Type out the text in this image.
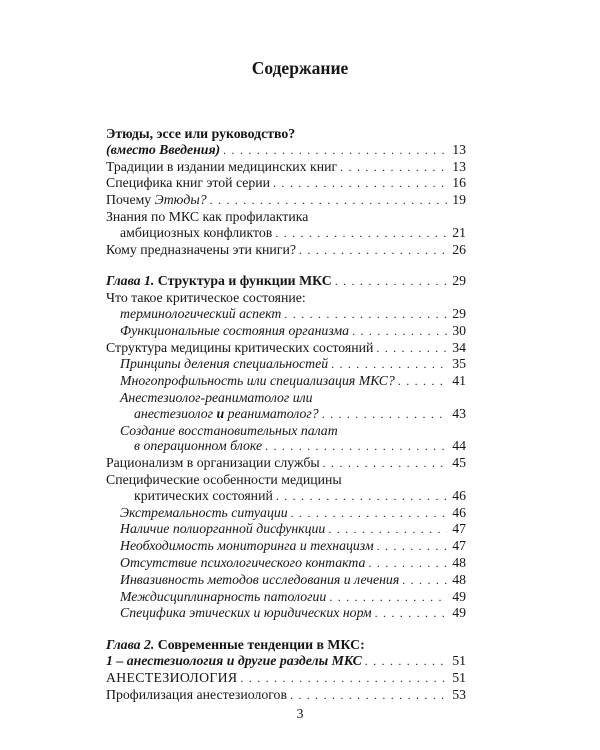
Содержание
Этюды, эссе или руководство?
(вместо Введения) . . .	13
Традиции в издании медицинских книг . . .	13
Специфика книг этой серии . . .	16
Почему Этюды? . . .	19
Знания по МКС как профилактика
амбициозных конфликтов . . .	21
Кому предназначены эти книги? . . .	26
Глава 1. Структура и функции МКС . . .	29
Что такое критическое состояние:
терминологический аспект . . .	29
Функциональные состояния организма . . .	30
Структура медицины критических состояний . . .	34
Принципы деления специальностей . . .	35
Многопрофильность или специализация МКС? . . .	41
Анестезиолог-реаниматолог или
анестезиолог и реаниматолог? . . .	43
Создание восстановительных палат
в операционном блоке . . .	44
Рационализм в организации службы . . .	45
Специфические особенности медицины
критических состояний . . .	46
Экстремальность ситуации . . .	46
Наличие полиорганной дисфункции . . .	47
Необходимость мониторинга и технацизм . . .	47
Отсутствие психологического контакта . . .	48
Инвазивность методов исследования и лечения . . .	48
Междисциплинарность патологии . . .	49
Специфика этических и юридических норм . . .	49
Глава 2. Современные тенденции в МКС:
1 – анестезиология и другие разделы МКС . . .	51
АНЕСТЕЗИОЛОГИЯ . . .	51
Профилизация анестезиологов . . .	53
3
